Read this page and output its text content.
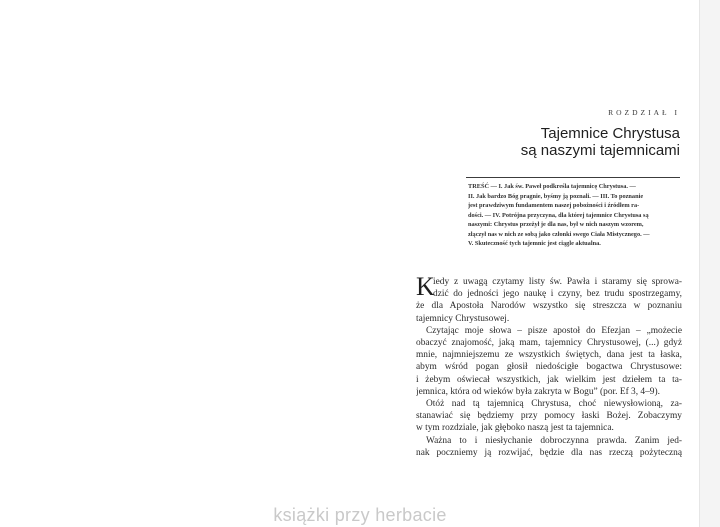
ROZDZIAŁ I
Tajemnice Chrystusa
są naszymi tajemnicami
TREŚĆ — I. Jak św. Paweł podkreśla tajemnicę Chrystusa. —
II. Jak bardzo Bóg pragnie, byśmy ją poznali. — III. To poznanie
jest prawdziwym fundamentem naszej pobożności i źródłem ra-
dości. — IV. Potrójna przyczyna, dla której tajemnice Chrystusa są
naszymi: Chrystus przeżył je dla nas, był w nich naszym wzorem,
złączył nas w nich ze sobą jako członki swego Ciała Mistycznego. —
V. Skuteczność tych tajemnic jest ciągle aktualna.
K
iedy z uwagą czytamy listy św. Pawła i staramy się sprowa-
dzić do jedności jego naukę i czyny, bez trudu spostrzegamy,
że dla Apostoła Narodów wszystko się streszcza w poznaniu
tajemnicy Chrystusowej.
Czytając moje słowa – pisze apostoł do Efezjan – „możecie
obaczyć znajomość, jaką mam, tajemnicy Chrystusowej, (...) gdyż
mnie, najmniejszemu ze wszystkich świętych, dana jest ta łaska,
abym wśród pogan głosił niedościgłe bogactwa Chrystusowe:
i żebym oświecał wszystkich, jak wielkim jest dziełem ta ta-
jemnica, która od wieków była zakryta w Bogu” (por. Ef 3, 4–9).
Otóż nad tą tajemnicą Chrystusa, choć niewysłowioną, za-
stanawiać się będziemy przy pomocy łaski Bożej. Zobaczymy
w tym rozdziale, jak głęboko naszą jest ta tajemnica.
Ważna to i niesłychanie dobroczynna prawda. Zanim jed-
nak poczniemy ją rozwijać, będzie dla nas rzeczą pożyteczną
książki przy herbacie
